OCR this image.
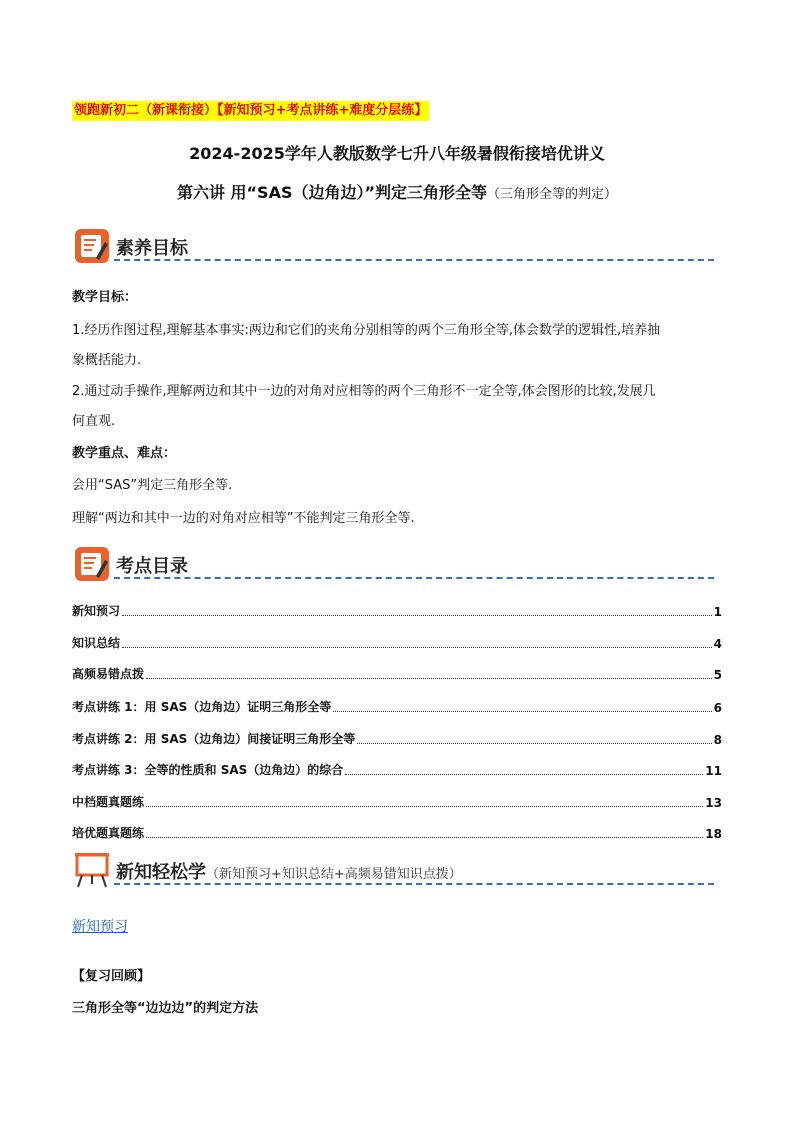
领跑新初二（新课衔接）【新知预习+考点讲练+难度分层练】
2024-2025学年人教版数学七升八年级暑假衔接培优讲义
第六讲 用“SAS（边角边）”判定三角形全等（三角形全等的判定）
素养目标
教学目标：
1.经历作图过程,理解基本事实:两边和它们的夹角分别相等的两个三角形全等,体会数学的逻辑性,培养抽
象概括能力.
2.通过动手操作,理解两边和其中一边的对角对应相等的两个三角形不一定全等,体会图形的比较,发展几
何直观.
教学重点、难点：
会用“SAS”判定三角形全等.
理解“两边和其中一边的对角对应相等”不能判定三角形全等.
考点目录
新知预习	1
知识总结	4
高频易错点拨	5
考点讲练 1：用 SAS（边角边）证明三角形全等	6
考点讲练 2：用 SAS（边角边）间接证明三角形全等	8
考点讲练 3：全等的性质和 SAS（边角边）的综合	11
中档题真题练	13
培优题真题练	18
新知轻松学（新知预习+知识总结+高频易错知识点拨）
新知预习
【复习回顾】
三角形全等“边边边”的判定方法
